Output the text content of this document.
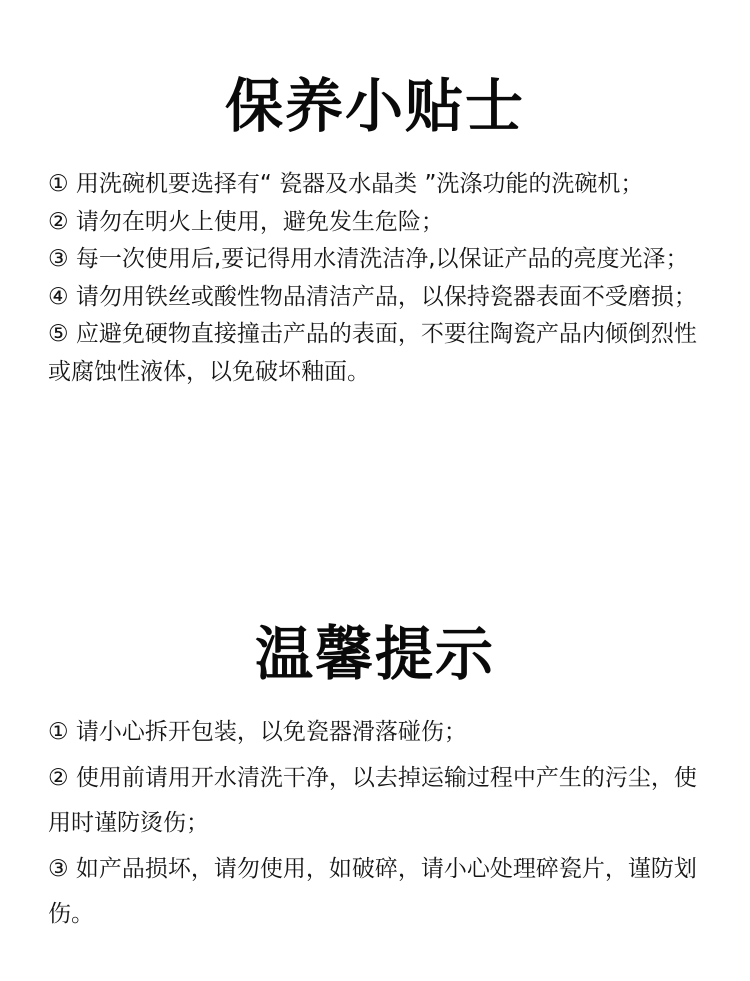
保养小贴士
① 用洗碗机要选择有“ 瓷器及水晶类 ”洗涤功能的洗碗机；
② 请勿在明火上使用，避免发生危险；
③ 每一次使用后,要记得用水清洗洁净,以保证产品的亮度光泽；
④ 请勿用铁丝或酸性物品清洁产品，以保持瓷器表面不受磨损；
⑤ 应避免硬物直接撞击产品的表面，不要往陶瓷产品内倾倒烈性或腐蚀性液体，以免破坏釉面。
温馨提示
① 请小心拆开包装，以免瓷器滑落碰伤；
② 使用前请用开水清洗干净，以去掉运输过程中产生的污尘，使用时谨防烫伤；
③ 如产品损坏，请勿使用，如破碎，请小心处理碎瓷片，谨防划伤。
